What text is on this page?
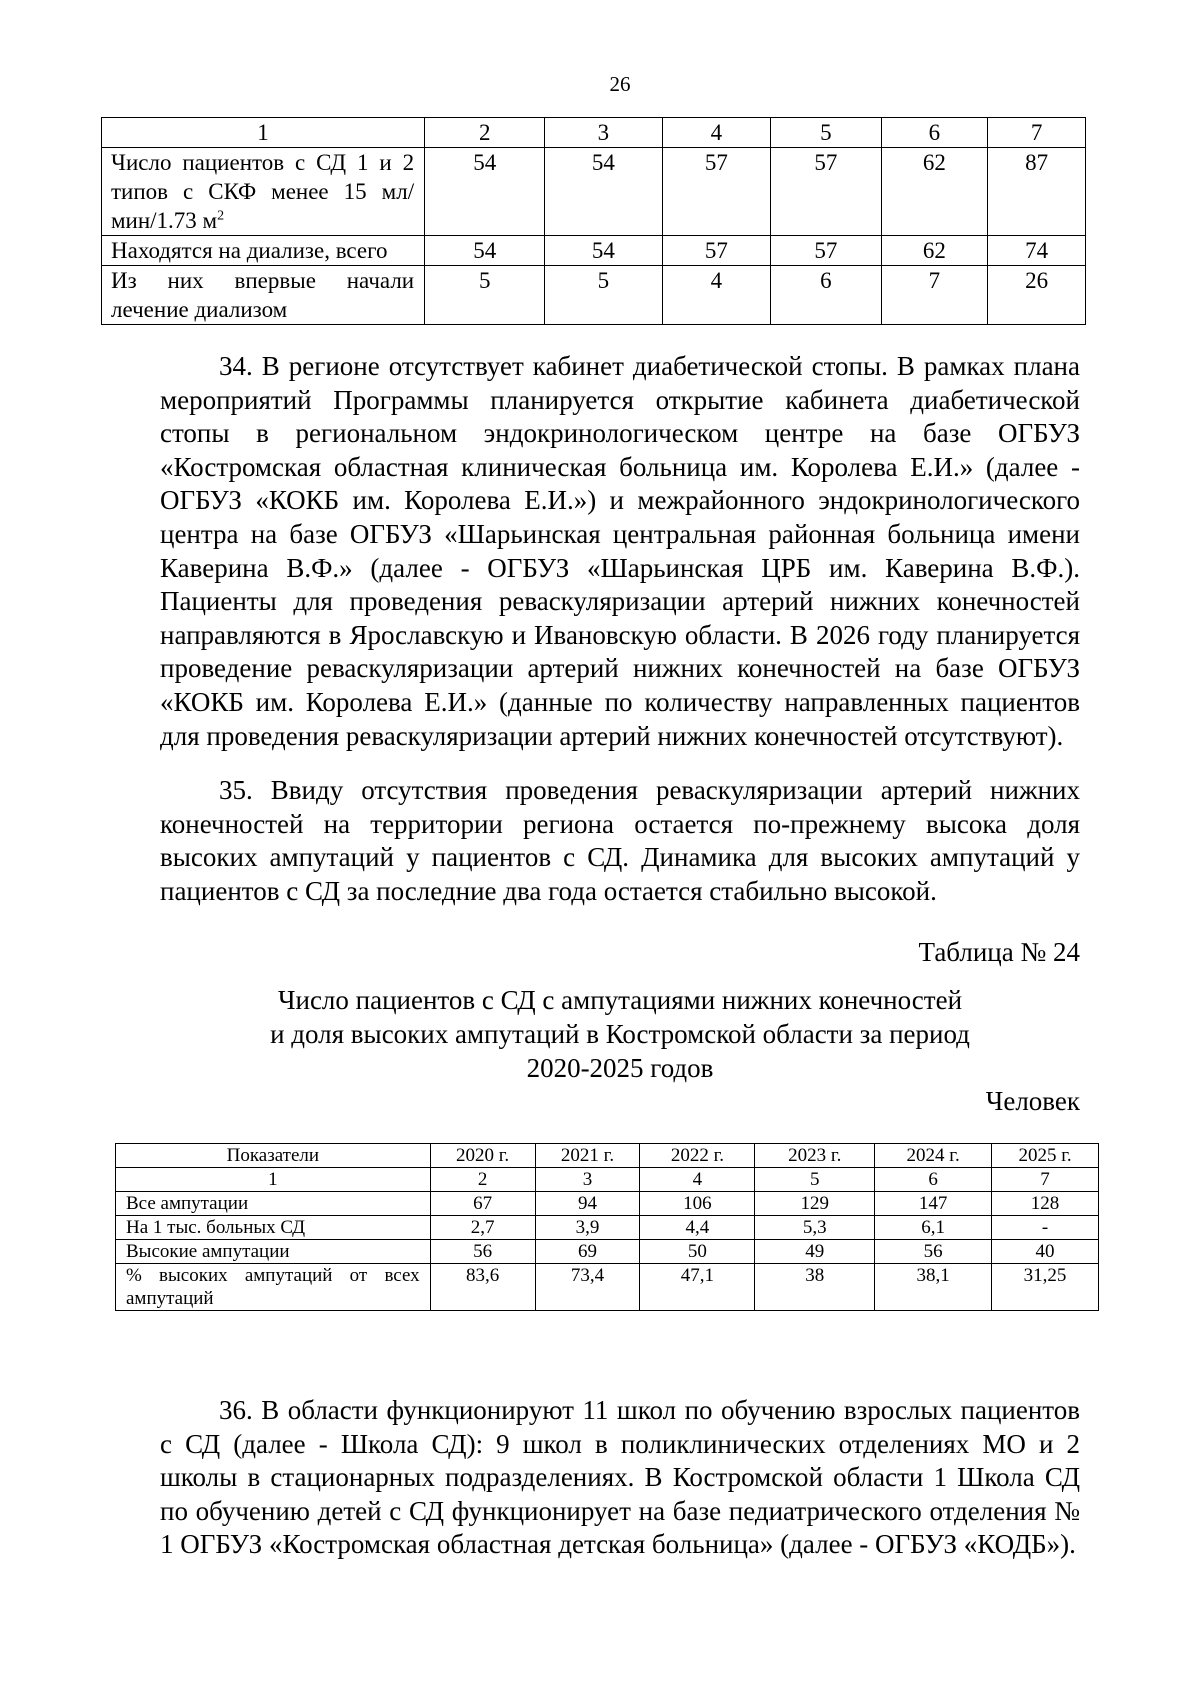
26
1	2	3	4	5	6	7
Число пациентов с СД 1 и 2 типов с СКФ менее 15 мл/мин/1.73 $м^2$	54	54	57	57	62	87
Находятся на диализе, всего	54	54	57	57	62	74
Из них впервые начали лечение диализом	5	5	4	6	7	26
34. В регионе отсутствует кабинет диабетической стопы. В рамках плана мероприятий Программы планируется открытие кабинета диабетической стопы в региональном эндокринологическом центре на базе ОГБУЗ «Костромская областная клиническая больница им. Королева Е.И.» (далее - ОГБУЗ «КОКБ им. Королева Е.И.») и межрайонного эндокринологического центра на базе ОГБУЗ «Шарьинская центральная районная больница имени Каверина В.Ф.» (далее - ОГБУЗ «Шарьинская ЦРБ им. Каверина В.Ф.). Пациенты для проведения реваскуляризации артерий нижних конечностей направляются в Ярославскую и Ивановскую области. В 2026 году планируется проведение реваскуляризации артерий нижних конечностей на базе ОГБУЗ «КОКБ им. Королева Е.И.» (данные по количеству направленных пациентов для проведения реваскуляризации артерий нижних конечностей отсутствуют).
35. Ввиду отсутствия проведения реваскуляризации артерий нижних конечностей на территории региона остается по-прежнему высока доля высоких ампутаций у пациентов с СД. Динамика для высоких ампутаций у пациентов с СД за последние два года остается стабильно высокой.
Таблица № 24
Число пациентов с СД с ампутациями нижних конечностей
и доля высоких ампутаций в Костромской области за период
2020-2025 годов
Человек
Показатели	2020 г.	2021 г.	2022 г.	2023 г.	2024 г.	2025 г.
1	2	3	4	5	6	7
Все ампутации	67	94	106	129	147	128
На 1 тыс. больных СД	2,7	3,9	4,4	5,3	6,1	-
Высокие ампутации	56	69	50	49	56	40

% высоких ампутаций от всех
ампутаций	83,6	73,4	47,1	38	38,1	31,25
36. В области функционируют 11 школ по обучению взрослых пациентов с СД (далее - Школа СД): 9 школ в поликлинических отделениях МО и 2 школы в стационарных подразделениях. В Костромской области 1 Школа СД по обучению детей с СД функционирует на базе педиатрического отделения № 1 ОГБУЗ «Костромская областная детская больница» (далее - ОГБУЗ «КОДБ»).
